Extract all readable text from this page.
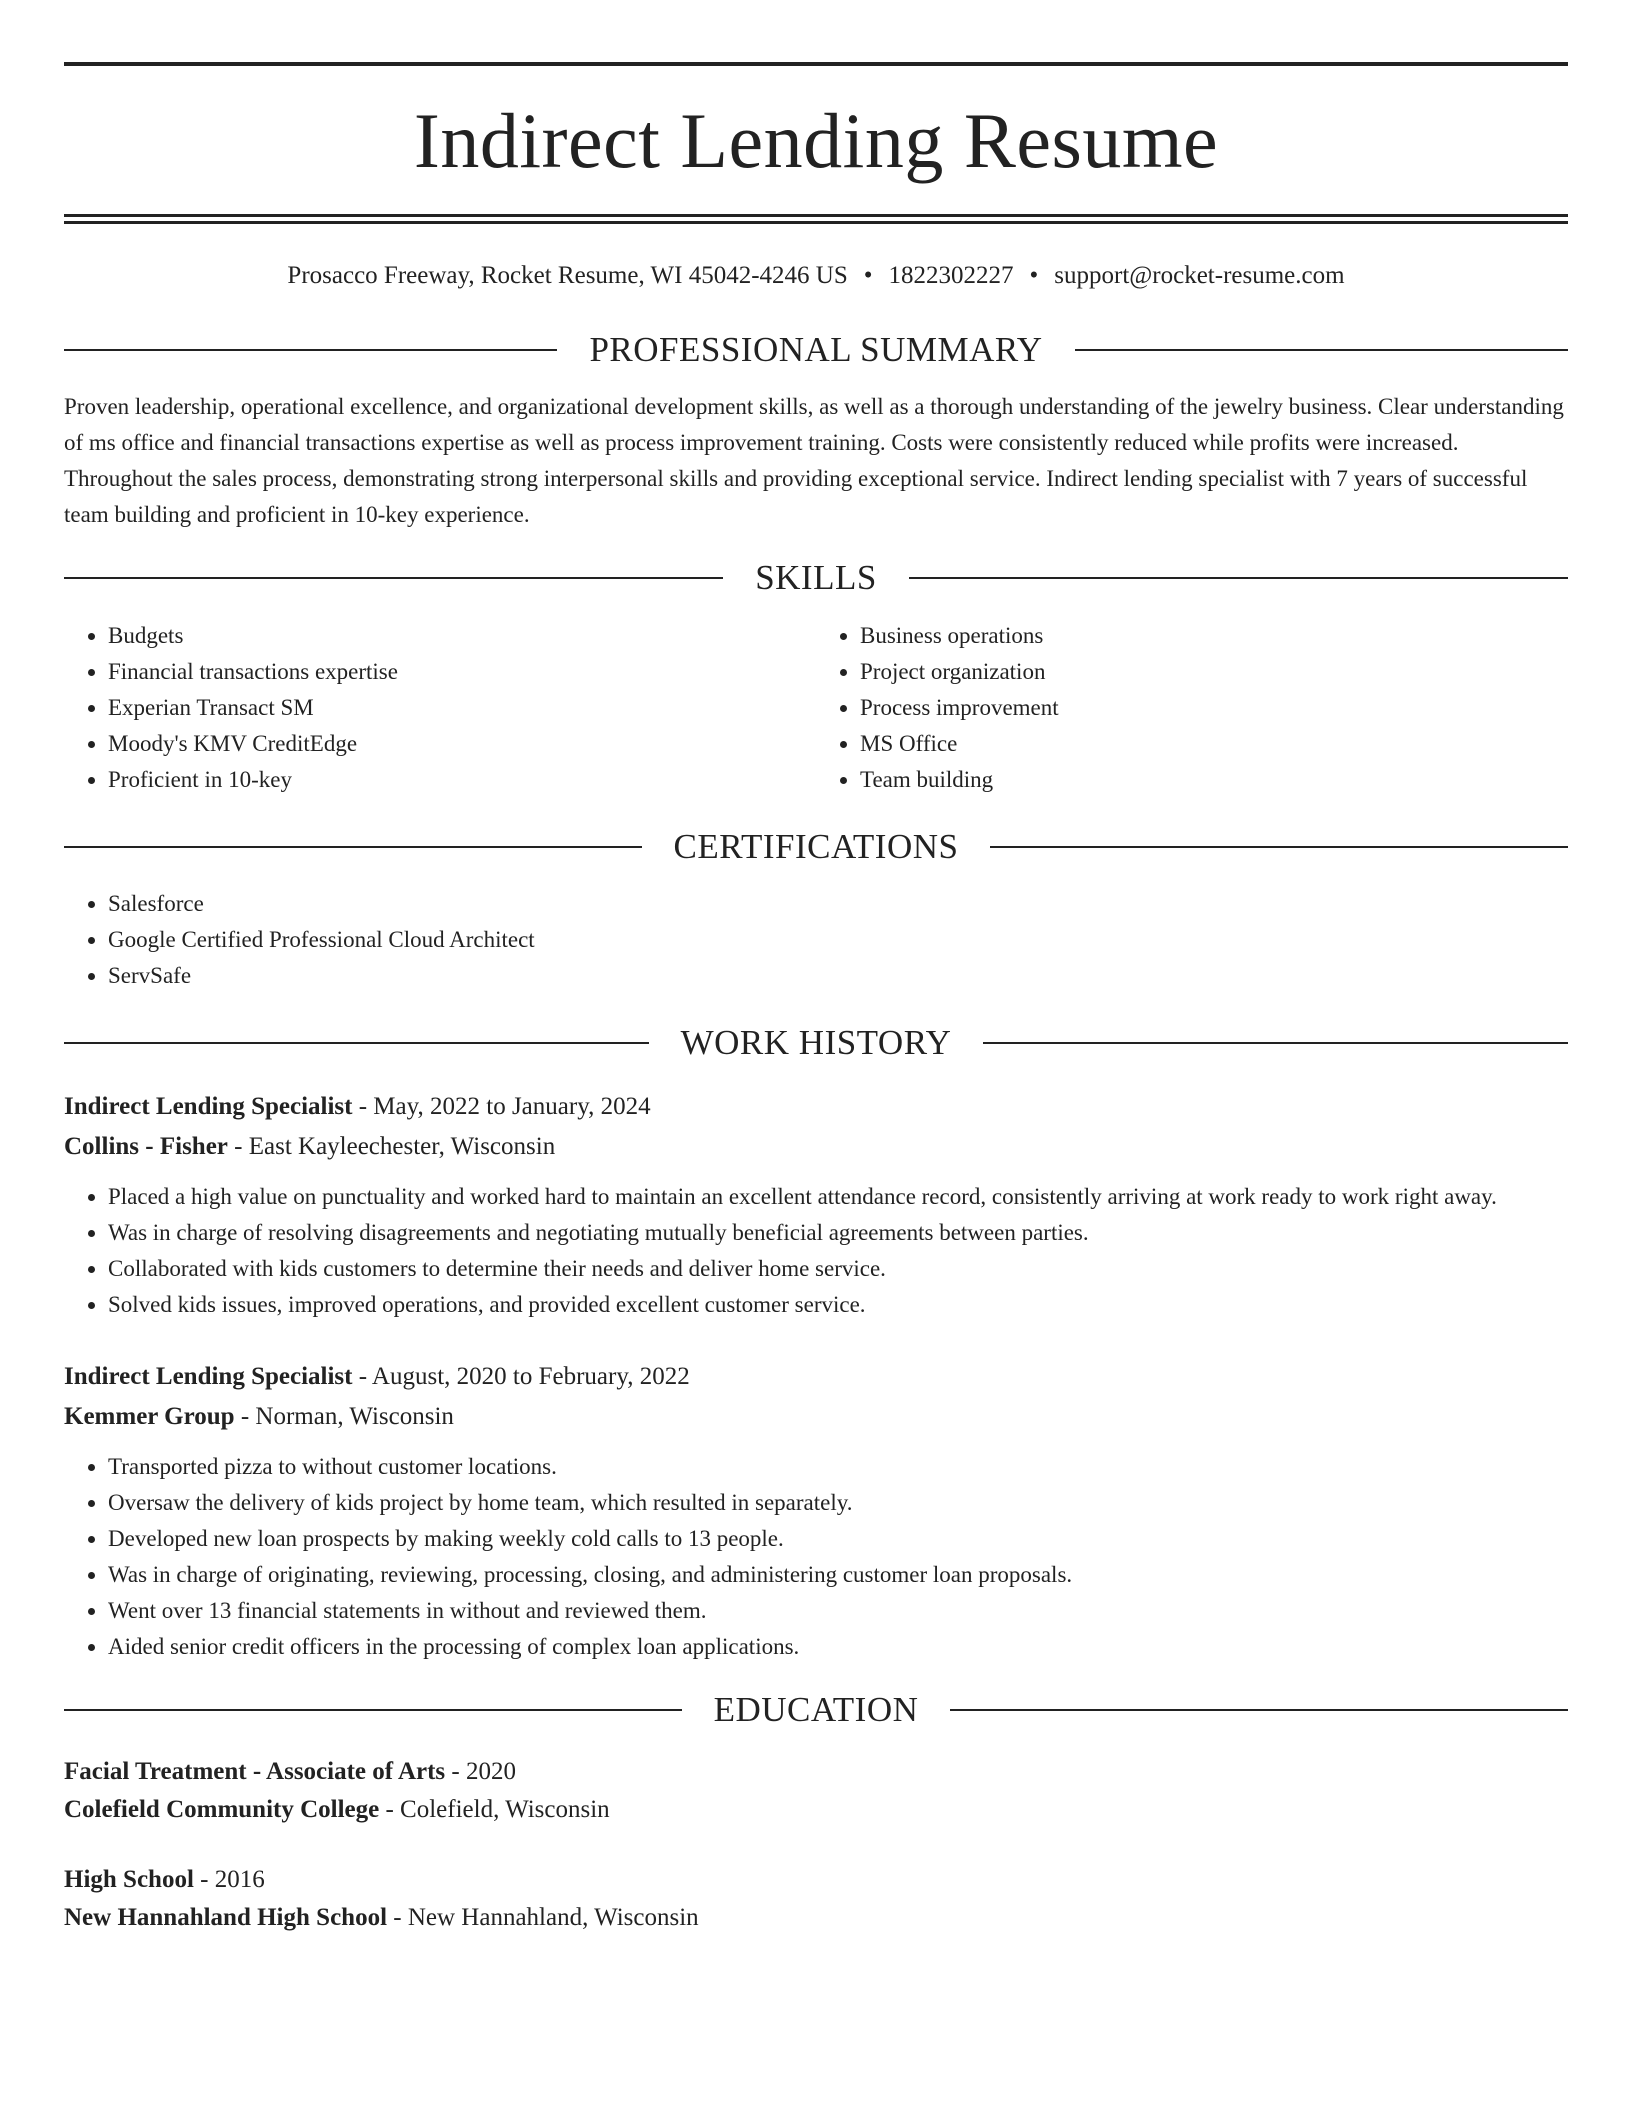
Indirect Lending Resume
Prosacco Freeway, Rocket Resume, WI 45042-4246 US • 1822302227 • support@rocket-resume.com
PROFESSIONAL SUMMARY

Proven leadership, operational excellence, and organizational development skills, as well as a thorough understanding of the jewelry business. Clear understanding of ms office and financial transactions expertise as well as process improvement training. Costs were consistently reduced while profits were increased. Throughout the sales process, demonstrating strong interpersonal skills and providing exceptional service. Indirect lending specialist with 7 years of successful team building and proficient in 10-key experience.

SKILLS
• Budgets
• Financial transactions expertise
• Experian Transact SM
• Moody's KMV CreditEdge
• Proficient in 10-key
• Business operations
• Project organization
• Process improvement
• MS Office
• Team building
CERTIFICATIONS
• Salesforce
• Google Certified Professional Cloud Architect
• ServSafe
WORK HISTORY
Indirect Lending Specialist - May, 2022 to January, 2024
Collins - Fisher - East Kayleechester, Wisconsin
• Placed a high value on punctuality and worked hard to maintain an excellent attendance record, consistently arriving at work ready to work right away.
• Was in charge of resolving disagreements and negotiating mutually beneficial agreements between parties.
• Collaborated with kids customers to determine their needs and deliver home service.
• Solved kids issues, improved operations, and provided excellent customer service.
Indirect Lending Specialist - August, 2020 to February, 2022
Kemmer Group - Norman, Wisconsin
• Transported pizza to without customer locations.
• Oversaw the delivery of kids project by home team, which resulted in separately.
• Developed new loan prospects by making weekly cold calls to 13 people.
• Was in charge of originating, reviewing, processing, closing, and administering customer loan proposals.
• Went over 13 financial statements in without and reviewed them.
• Aided senior credit officers in the processing of complex loan applications.
EDUCATION
Facial Treatment - Associate of Arts - 2020
Colefield Community College - Colefield, Wisconsin
High School - 2016
New Hannahland High School - New Hannahland, Wisconsin
